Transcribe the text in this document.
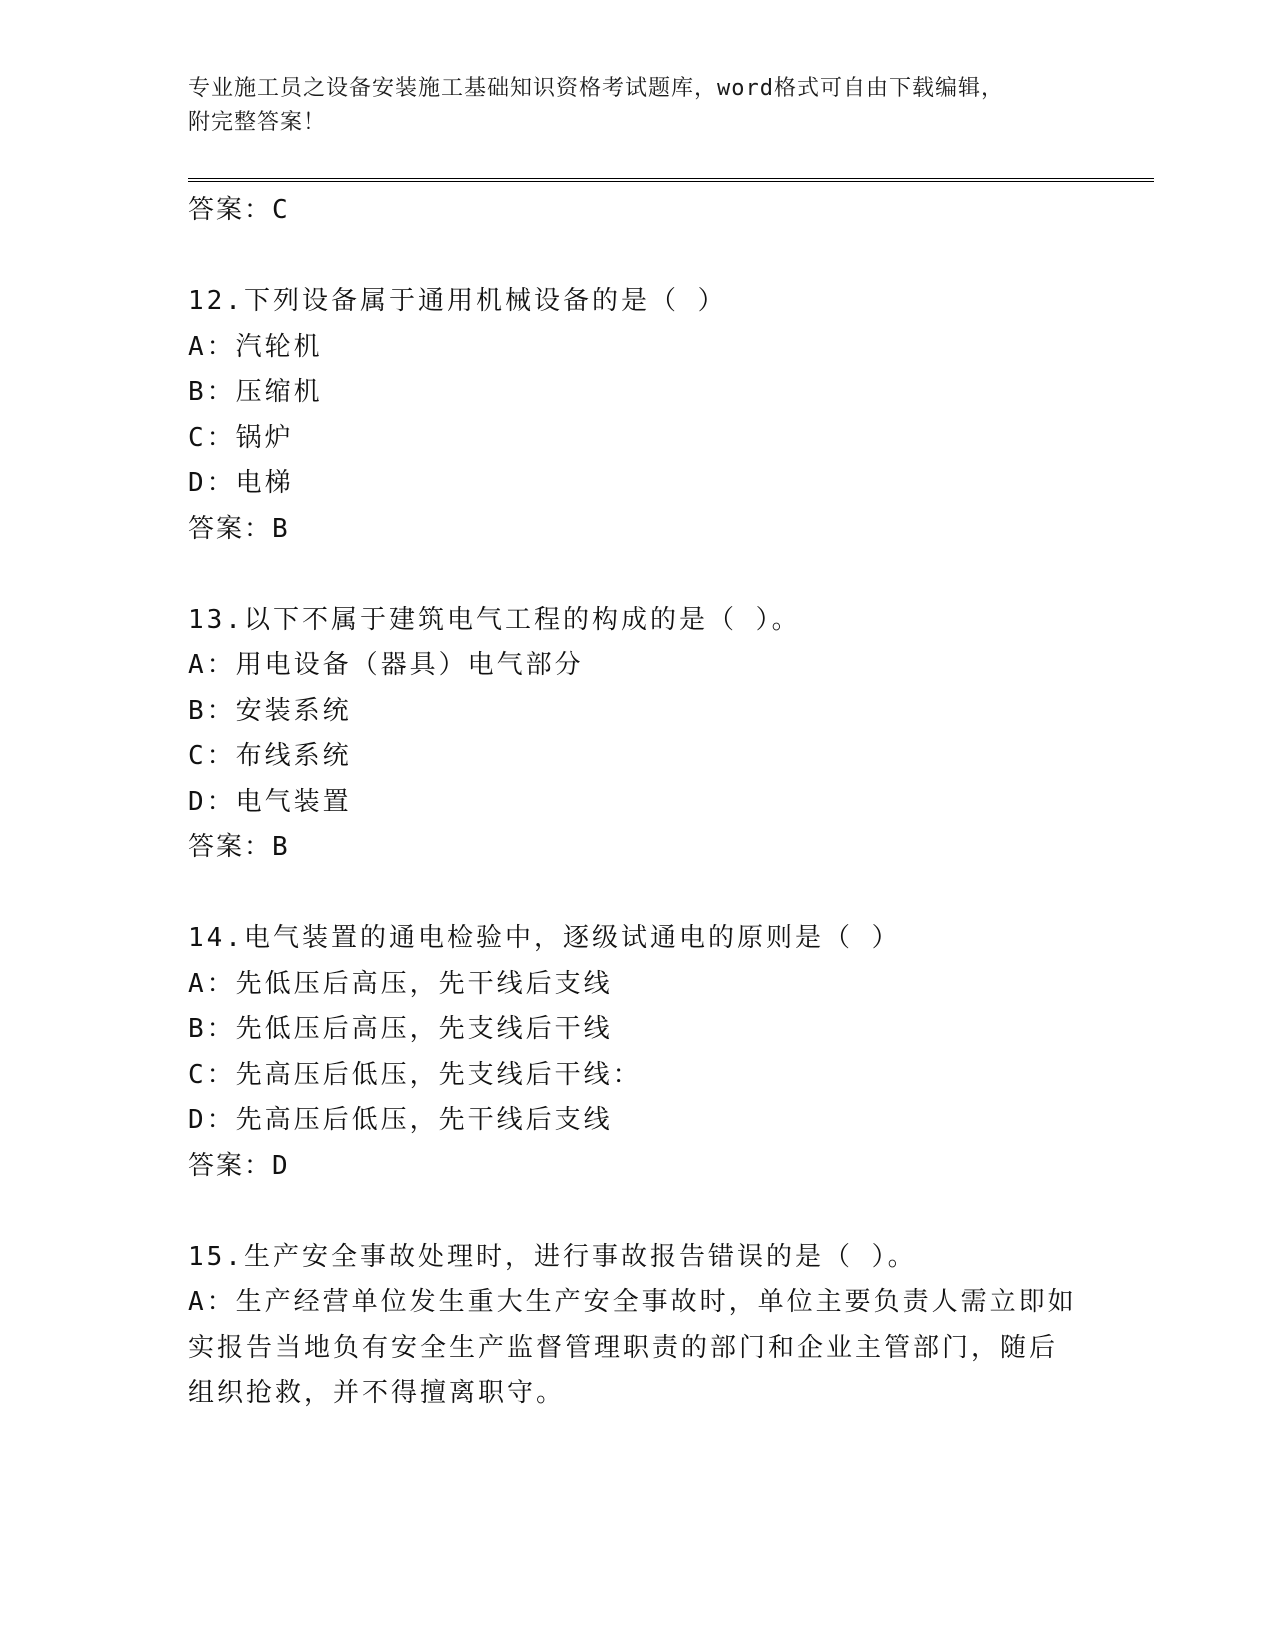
专业施工员之设备安装施工基础知识资格考试题库，word格式可自由下载编辑，
附完整答案！
答案：C
12.下列设备属于通用机械设备的是（ ）
A：汽轮机
B：压缩机
C：锅炉
D：电梯
答案：B
13.以下不属于建筑电气工程的构成的是（ ）。
A：用电设备（器具）电气部分
B：安装系统
C：布线系统
D：电气装置
答案：B
14.电气装置的通电检验中，逐级试通电的原则是（ ）
A：先低压后高压，先干线后支线
B：先低压后高压，先支线后干线
C：先高压后低压，先支线后干线：
D：先高压后低压，先干线后支线
答案：D
15.生产安全事故处理时，进行事故报告错误的是（ ）。
A：生产经营单位发生重大生产安全事故时，单位主要负责人需立即如
实报告当地负有安全生产监督管理职责的部门和企业主管部门，随后
组织抢救，并不得擅离职守。
